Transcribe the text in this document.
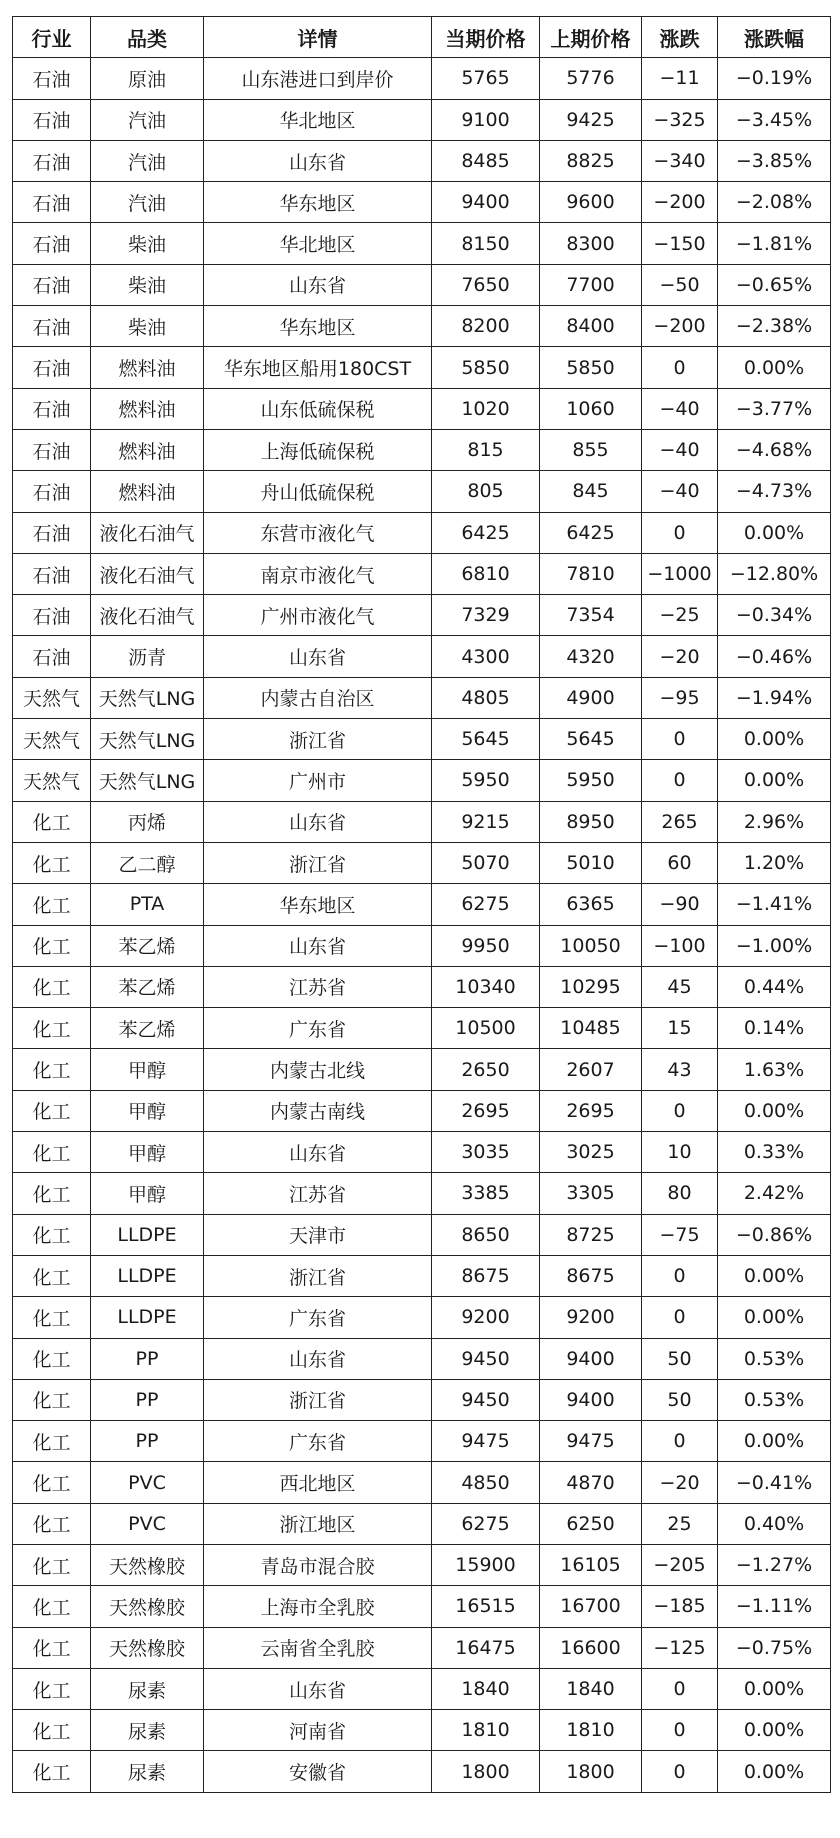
行业	品类	详情	当期价格	上期价格	涨跌	涨跌幅
石油	原油	山东港进口到岸价	5765	5776	−11	−0.19%
石油	汽油	华北地区	9100	9425	−325	−3.45%
石油	汽油	山东省	8485	8825	−340	−3.85%
石油	汽油	华东地区	9400	9600	−200	−2.08%
石油	柴油	华北地区	8150	8300	−150	−1.81%
石油	柴油	山东省	7650	7700	−50	−0.65%
石油	柴油	华东地区	8200	8400	−200	−2.38%
石油	燃料油	华东地区船用180CST	5850	5850	0	0.00%
石油	燃料油	山东低硫保税	1020	1060	−40	−3.77%
石油	燃料油	上海低硫保税	815	855	−40	−4.68%
石油	燃料油	舟山低硫保税	805	845	−40	−4.73%
石油	液化石油气	东营市液化气	6425	6425	0	0.00%
石油	液化石油气	南京市液化气	6810	7810	−1000	−12.80%
石油	液化石油气	广州市液化气	7329	7354	−25	−0.34%
石油	沥青	山东省	4300	4320	−20	−0.46%
天然气	天然气LNG	内蒙古自治区	4805	4900	−95	−1.94%
天然气	天然气LNG	浙江省	5645	5645	0	0.00%
天然气	天然气LNG	广州市	5950	5950	0	0.00%
化工	丙烯	山东省	9215	8950	265	2.96%
化工	乙二醇	浙江省	5070	5010	60	1.20%
化工	PTA	华东地区	6275	6365	−90	−1.41%
化工	苯乙烯	山东省	9950	10050	−100	−1.00%
化工	苯乙烯	江苏省	10340	10295	45	0.44%
化工	苯乙烯	广东省	10500	10485	15	0.14%
化工	甲醇	内蒙古北线	2650	2607	43	1.63%
化工	甲醇	内蒙古南线	2695	2695	0	0.00%
化工	甲醇	山东省	3035	3025	10	0.33%
化工	甲醇	江苏省	3385	3305	80	2.42%
化工	LLDPE	天津市	8650	8725	−75	−0.86%
化工	LLDPE	浙江省	8675	8675	0	0.00%
化工	LLDPE	广东省	9200	9200	0	0.00%
化工	PP	山东省	9450	9400	50	0.53%
化工	PP	浙江省	9450	9400	50	0.53%
化工	PP	广东省	9475	9475	0	0.00%
化工	PVC	西北地区	4850	4870	−20	−0.41%
化工	PVC	浙江地区	6275	6250	25	0.40%
化工	天然橡胶	青岛市混合胶	15900	16105	−205	−1.27%
化工	天然橡胶	上海市全乳胶	16515	16700	−185	−1.11%
化工	天然橡胶	云南省全乳胶	16475	16600	−125	−0.75%
化工	尿素	山东省	1840	1840	0	0.00%
化工	尿素	河南省	1810	1810	0	0.00%
化工	尿素	安徽省	1800	1800	0	0.00%
